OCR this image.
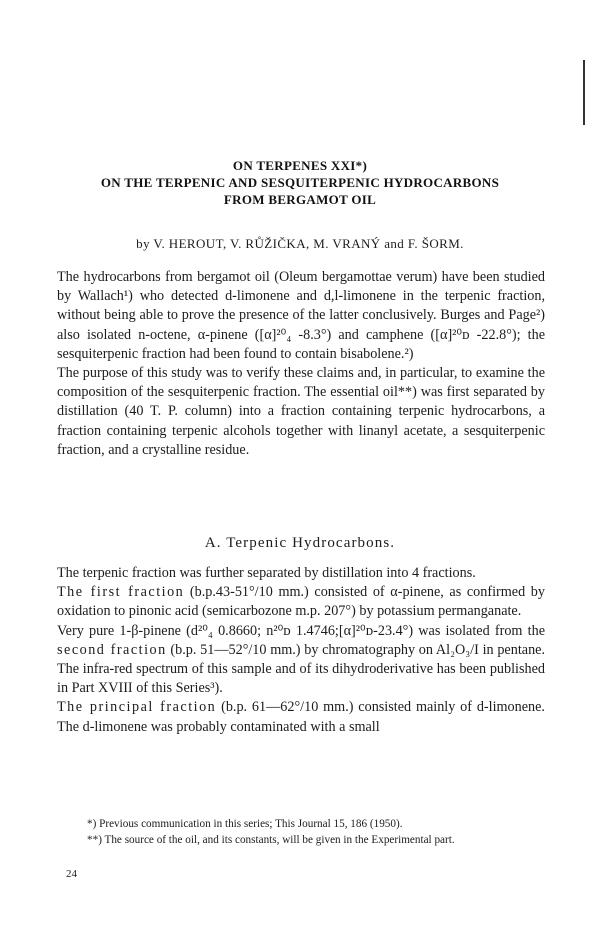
ON TERPENES XXI*)
ON THE TERPENIC AND SESQUITERPENIC HYDROCARBONS
FROM BERGAMOT OIL
by V. HEROUT, V. RŮŽIČKA, M. VRANÝ and F. ŠORM.

The hydrocarbons from bergamot oil (Oleum bergamottae verum) have been studied by Wallach¹) who detected d-limonene and d,l-limonene in the terpenic fraction, without being able to prove the presence of the latter conclusively. Burges and Page²) also isolated n-octene, α-pinene ([α]²⁰₄ -8.3°) and camphene ([α]²⁰ᴅ -22.8°); the sesquiterpenic fraction had been found to contain bisabolene.²)

The purpose of this study was to verify these claims and, in particular, to examine the composition of the sesquiterpenic fraction. The essential oil**) was first separated by distillation (40 T. P. column) into a fraction containing terpenic hydrocarbons, a fraction containing terpenic alcohols together with linanyl acetate, a sesquiterpenic fraction, and a crystalline residue.

A. Terpenic Hydrocarbons.

The terpenic fraction was further separated by distillation into 4 fractions.

The first fraction (b.p.43-51°/10 mm.) consisted of α-pinene, as confirmed by oxidation to pinonic acid (semicarbozone m.p. 207°) by potassium permanganate.

Very pure 1-β-pinene (d²⁰₄ 0.8660; n²⁰ᴅ 1.4746;[α]²⁰ᴅ-23.4°) was isolated from the second fraction (b.p. 51—52°/10 mm.) by chromatography on Al₂O₃/I in pentane. The infra-red spectrum of this sample and of its dihydroderivative has been published in Part XVIII of this Series³).

The principal fraction (b.p. 61—62°/10 mm.) consisted mainly of d-limonene. The d-limonene was probably contaminated with a small

*) Previous communication in this series; This Journal 15, 186 (1950).

**) The source of the oil, and its constants, will be given in the Experimental part.

24
